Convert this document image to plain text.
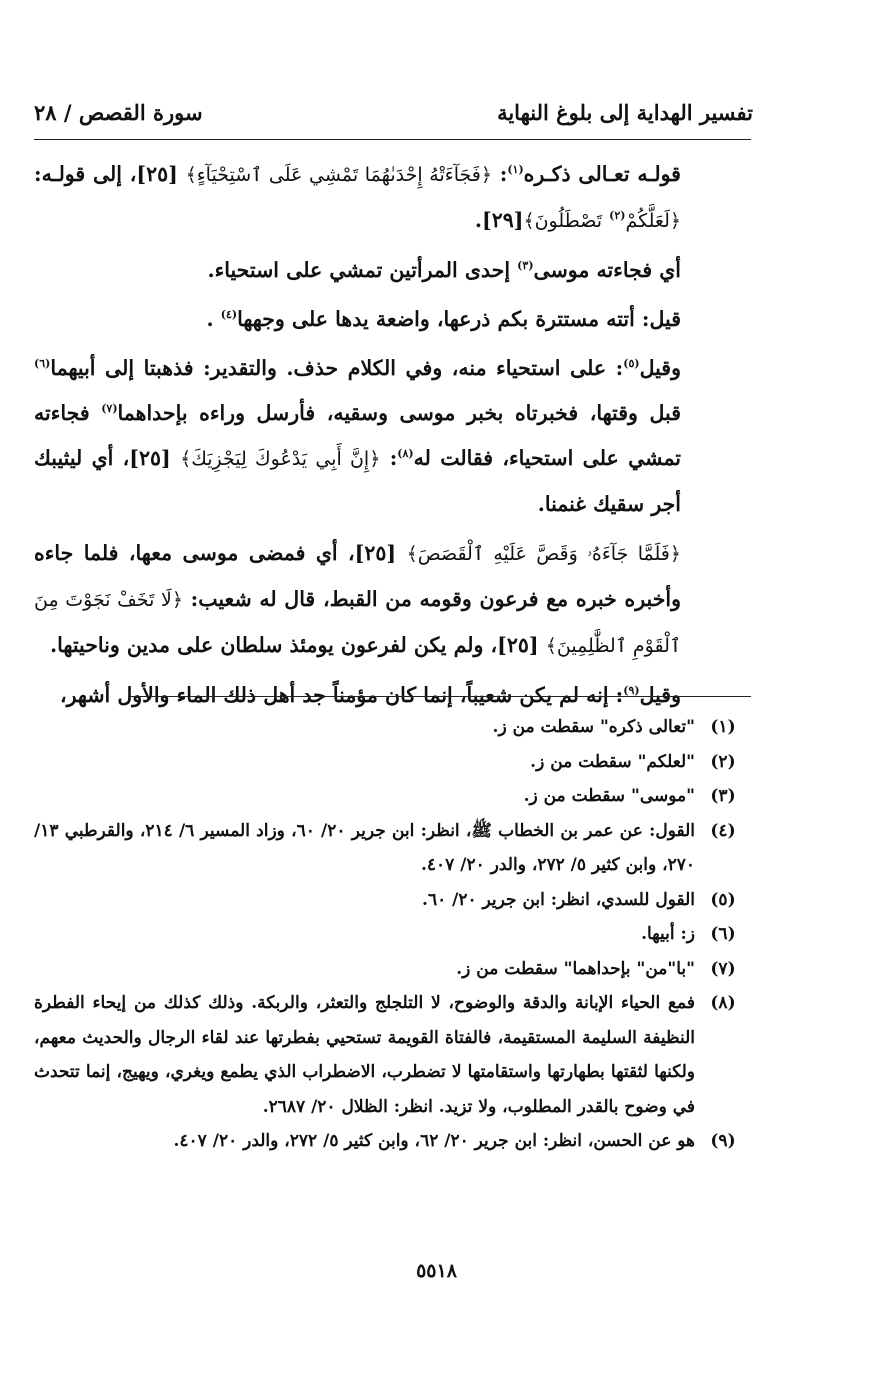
تفسير الهداية إلى بلوغ النهاية
سورة القصص / ٢٨

قولـه تعـالى ذكـره$^{(١)}$: ﴿فَجَآءَتْهُ إِحْدَىٰهُمَا تَمْشِي عَلَى ٱسْتِحْيَآءٍ﴾ [٢٥]، إلى قولـه: ﴿لَعَلَّكُمْ$^{(٢)}$ تَصْطَلُونَ﴾[٢٩].

أي فجاءته موسى$^{(٣)}$ إحدى المرأتين تمشي على استحياء.

قيل: أتته مستترة بكم ذرعها، واضعة يدها على وجهها$^{(٤)}$ .

وقيل$^{(٥)}$: على استحياء منه، وفي الكلام حذف. والتقدير: فذهبتا إلى أبيهما$^{(٦)}$ قبل وقتها، فخبرتاه بخبر موسى وسقيه، فأرسل وراءه بإحداهما$^{(٧)}$ فجاءته تمشي على استحياء، فقالت له$^{(٨)}$: ﴿إِنَّ أَبِي يَدْعُوكَ لِيَجْزِيَكَ﴾ [٢٥]، أي ليثيبك أجر سقيك غنمنا.

﴿فَلَمَّا جَآءَهُۥ وَقَصَّ عَلَيْهِ ٱلْقَصَصَ﴾ [٢٥]، أي فمضى موسى معها، فلما جاءه وأخبره خبره مع فرعون وقومه من القبط، قال له شعيب: ﴿لَا تَخَفْ نَجَوْتَ مِنَ ٱلْقَوْمِ ٱلظَّٰلِمِينَ﴾ [٢٥]، ولم يكن لفرعون يومئذ سلطان على مدين وناحيتها.

وقيل$^{(٩)}$: إنه لم يكن شعيباً، إنما كان مؤمناً جد أهل ذلك الماء والأول أشهر،

(١)
"تعالى ذكره" سقطت من ز.
(٢)
"لعلكم" سقطت من ز.
(٣)
"موسى" سقطت من ز.
(٤)
القول: عن عمر بن الخطاب ﷺ، انظر: ابن جرير ٢٠/ ٦٠، وزاد المسير ٦/ ٢١٤، والقرطبي ١٣/ ٢٧٠، وابن كثير ٥/ ٢٧٢، والدر ٢٠/ ٤٠٧.
(٥)
القول للسدي، انظر: ابن جرير ٢٠/ ٦٠.
(٦)
ز: أبيها.
(٧)
"با"من" بإحداهما" سقطت من ز.
(٨)
فمع الحياء الإبانة والدقة والوضوح، لا التلجلج والتعثر، والربكة. وذلك كذلك من إيحاء الفطرة النظيفة السليمة المستقيمة، فالفتاة القويمة تستحيي بفطرتها عند لقاء الرجال والحديث معهم، ولكنها لثقتها بطهارتها واستقامتها لا تضطرب، الاضطراب الذي يطمع ويغري، ويهيج، إنما تتحدث في وضوح بالقدر المطلوب، ولا تزيد. انظر: الظلال ٢٠/ ٢٦٨٧.
(٩)
هو عن الحسن، انظر: ابن جرير ٢٠/ ٦٢، وابن كثير ٥/ ٢٧٢، والدر ٢٠/ ٤٠٧.
٥٥١٨
